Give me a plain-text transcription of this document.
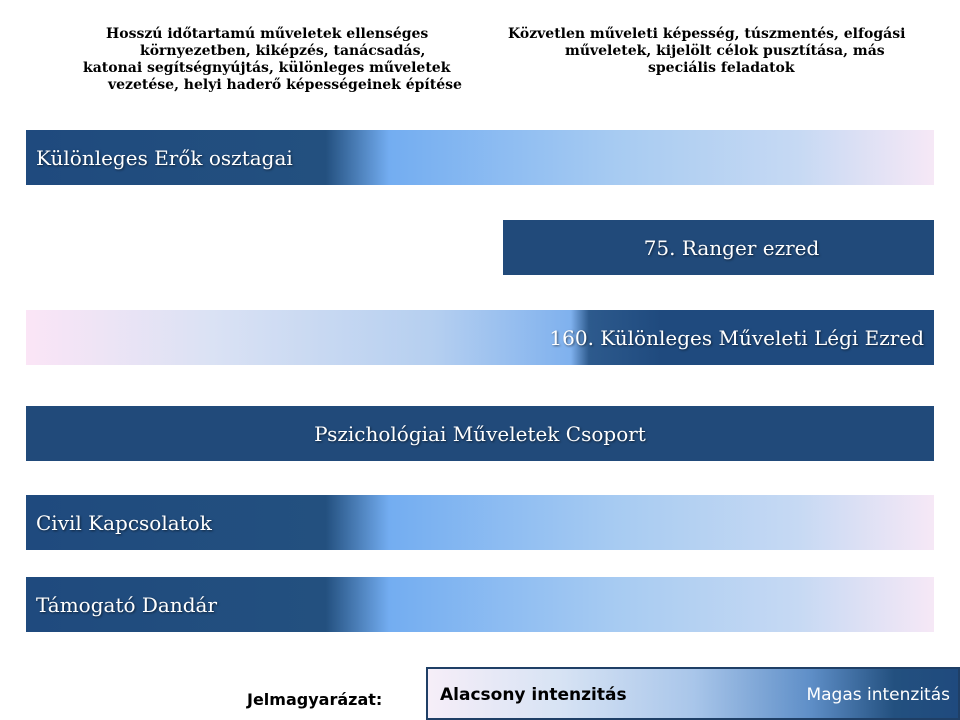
Hosszú időtartamú műveletek ellenséges
környezetben, kiképzés, tanácsadás,
katonai segítségnyújtás, különleges műveletek
vezetése, helyi haderő képességeinek építése
Közvetlen műveleti képesség, túszmentés, elfogási
műveletek, kijelölt célok pusztítása, más
speciális feladatok
Különleges Erők osztagai
75. Ranger ezred
160. Különleges Műveleti Légi Ezred
Pszichológiai Műveletek Csoport
Civil Kapcsolatok
Támogató Dandár
Jelmagyarázat:	Alacsony intenzitás	Magas intenzitás
